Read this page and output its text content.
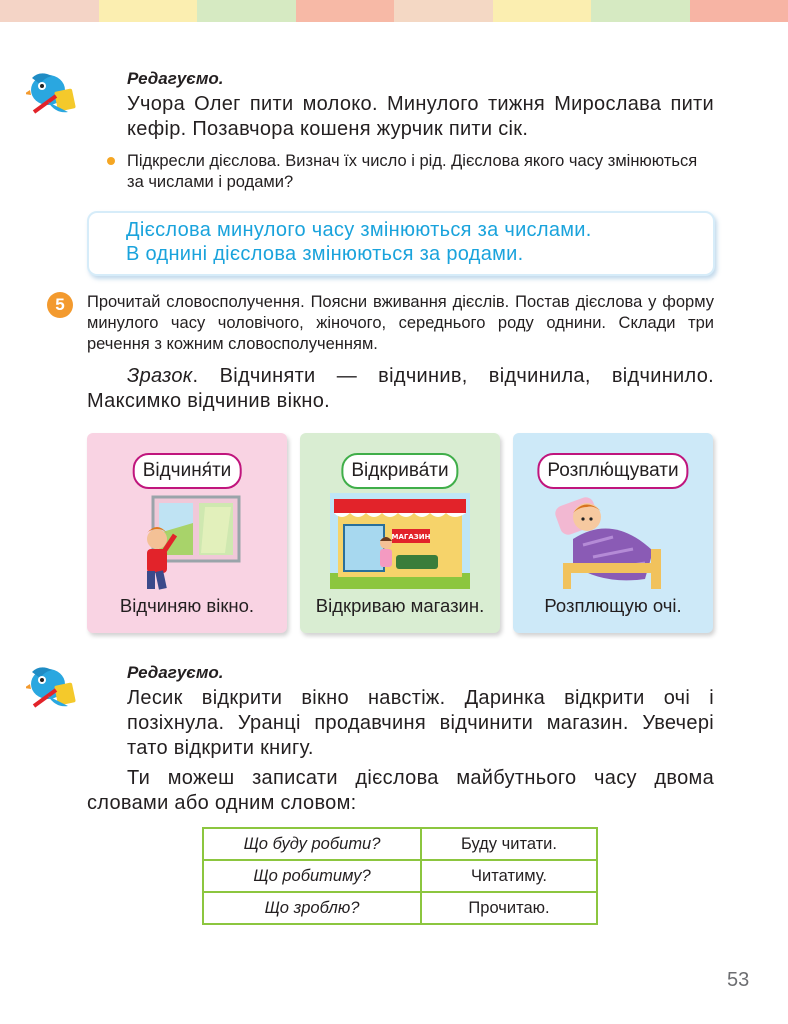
Редагуємо.
Учора Олег пити молоко. Минулого тижня Мирослава пити кефір. Позавчора кошеня журчик пити сік.
Підкресли дієслова. Визнач їх число і рід. Дієслова якого часу змінюються за числами і родами?
Дієслова минулого часу змінюються за числами.
В однині дієслова змінюються за родами.
5	Прочитай словосполучення. Поясни вживання дієслів. Постав дієслова у форму минулого часу чоловічого, жіночого, середнього роду однини. Склади три речення з кожним словосполученням.
Зразок. Відчиняти — відчинив, відчинила, відчинило. Максимко відчинив вікно.
Відчиня́ти
Відчиняю вікно.
Відкрива́ти
МАГАЗИН
Відкриваю магазин.
Розплю́щувати
Розплющую очі.
Редагуємо.
Лесик відкрити вікно навстіж. Даринка відкрити очі і позіхнула. Уранці продавчиня відчинити магазин. Увечері тато відкрити книгу.
Ти можеш записати дієслова майбутнього часу двома словами або одним словом:
Що буду робити?	Буду читати.
Що робитиму?	Читатиму.
Що зроблю?	Прочитаю.
53
